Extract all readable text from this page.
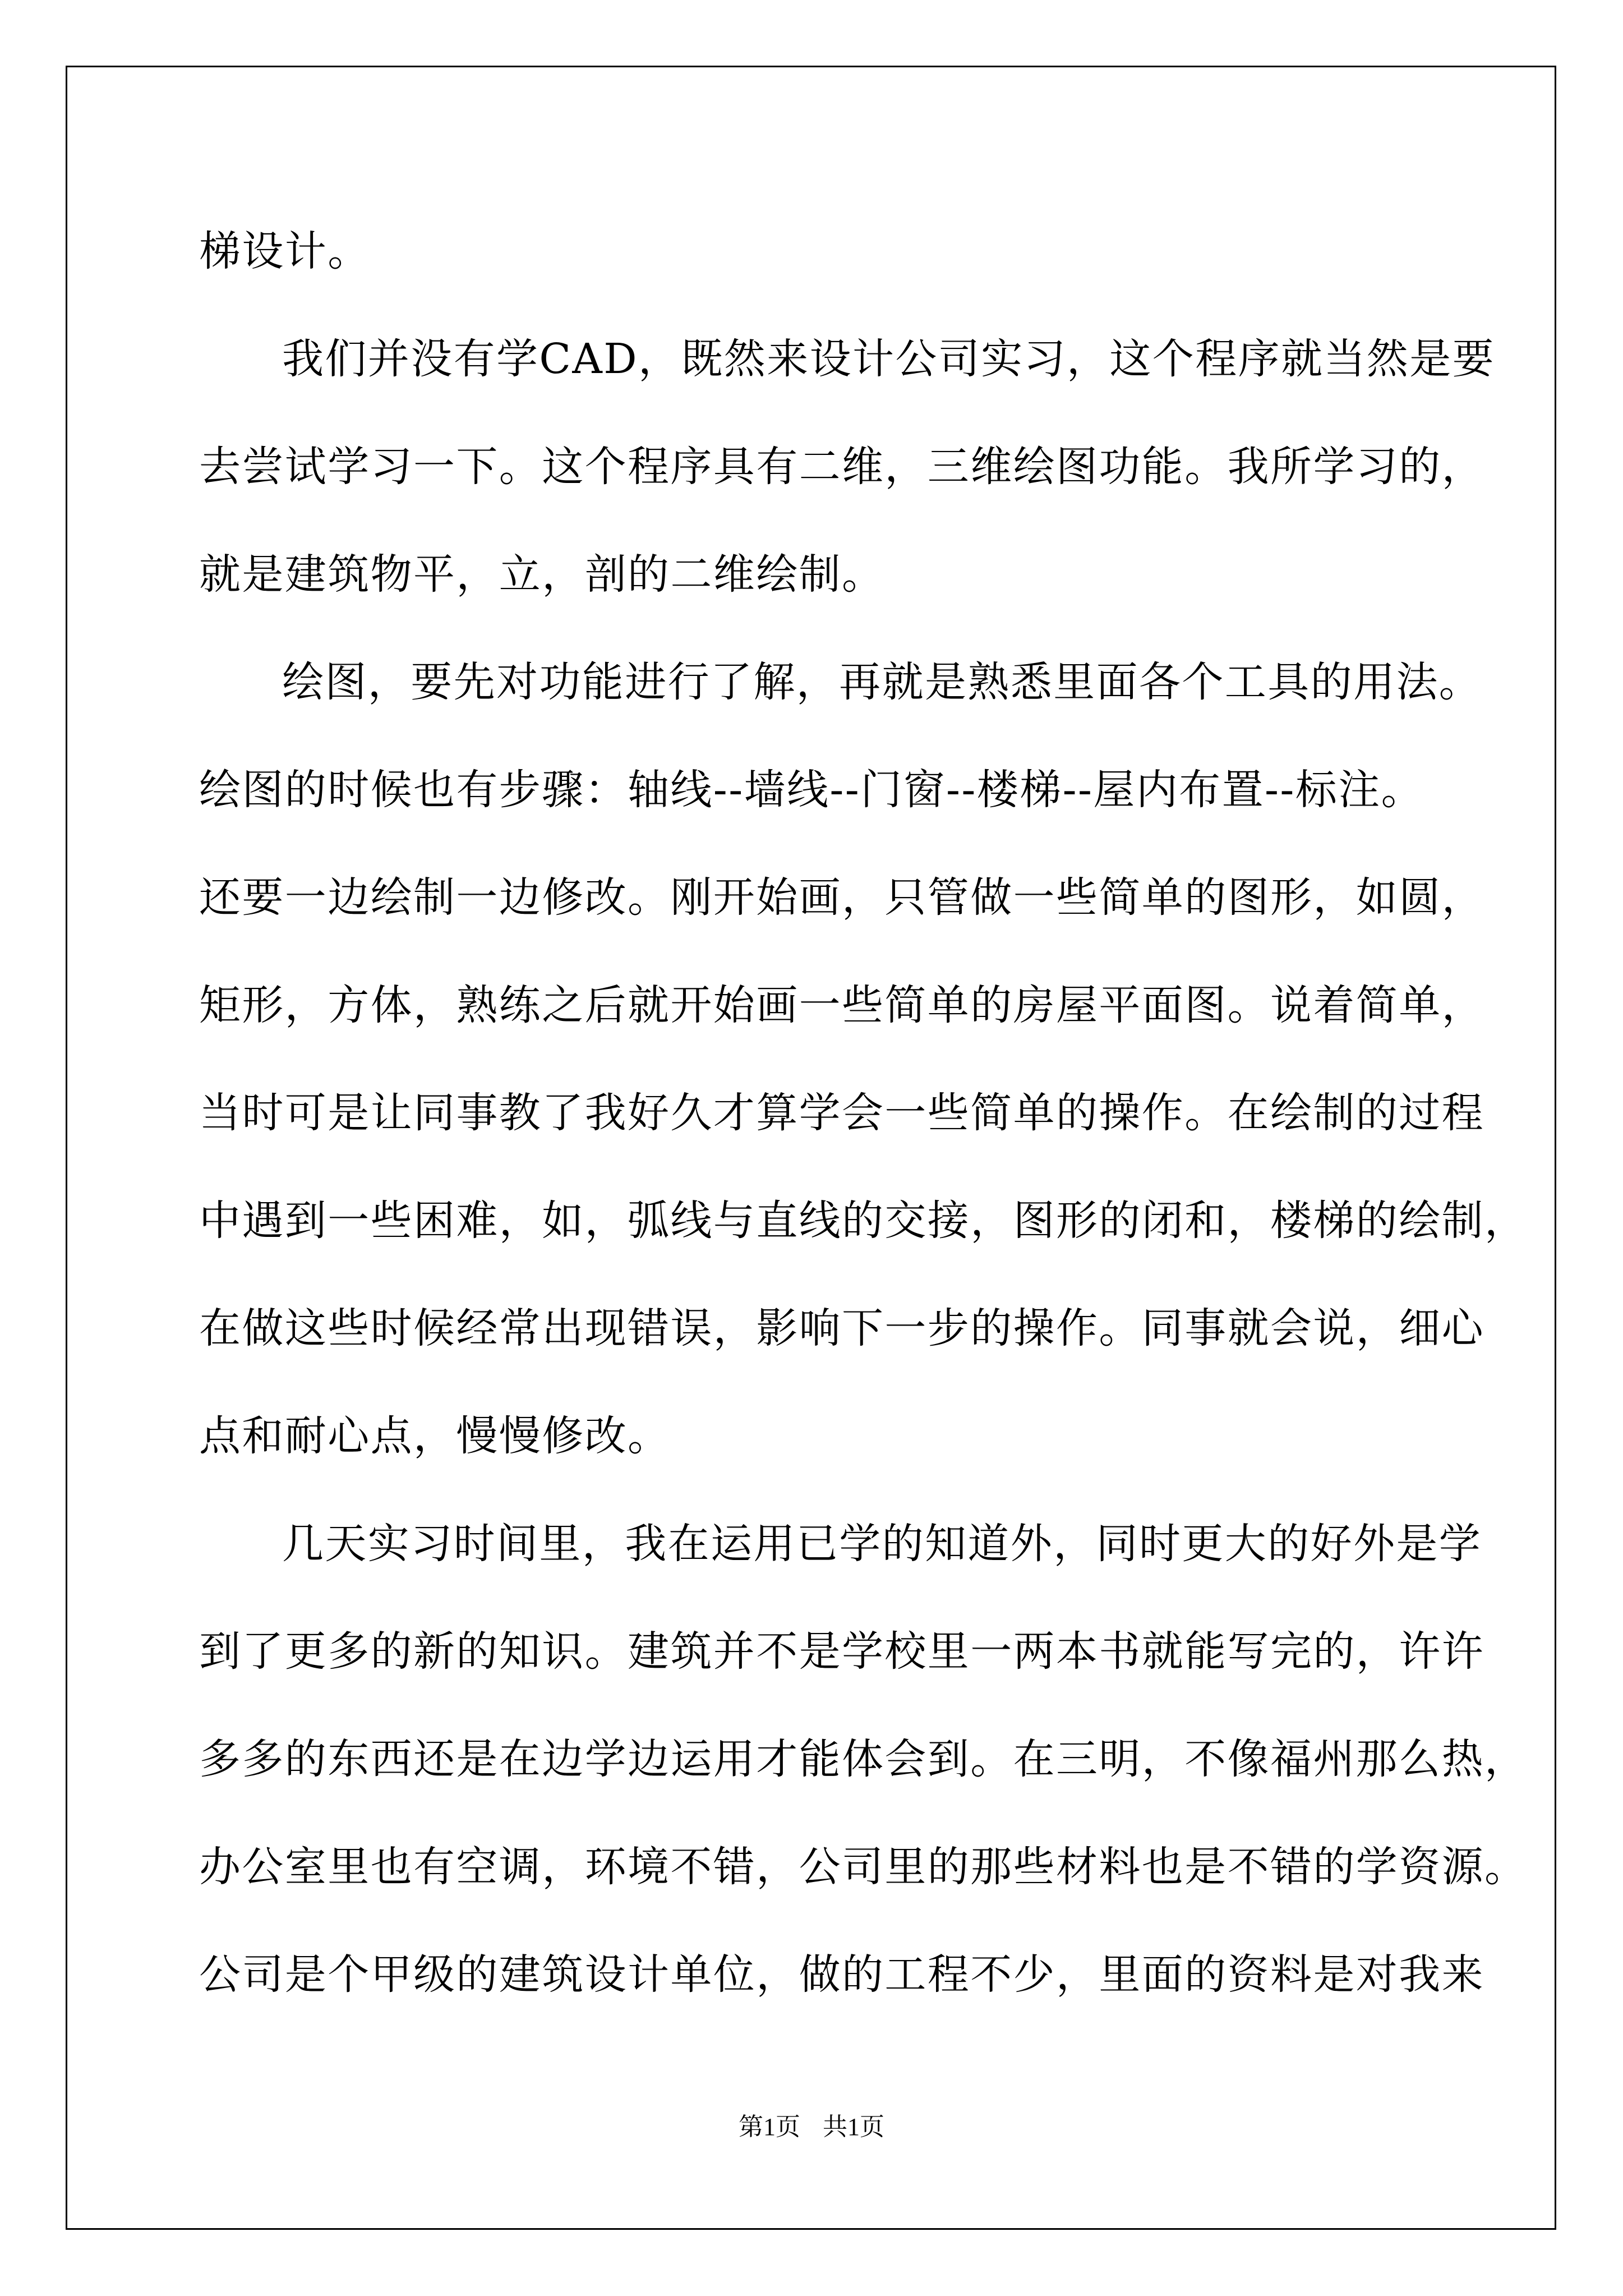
梯设计。
我们并没有学CAD，既然来设计公司实习，这个程序就当然是要
去尝试学习一下。这个程序具有二维，三维绘图功能。我所学习的，
就是建筑物平，立，剖的二维绘制。
绘图，要先对功能进行了解，再就是熟悉里面各个工具的用法。
绘图的时候也有步骤：轴线--墙线--门窗--楼梯--屋内布置--标注。
还要一边绘制一边修改。刚开始画，只管做一些简单的图形，如圆，
矩形，方体，熟练之后就开始画一些简单的房屋平面图。说着简单，
当时可是让同事教了我好久才算学会一些简单的操作。在绘制的过程
中遇到一些困难，如，弧线与直线的交接，图形的闭和，楼梯的绘制，
在做这些时候经常出现错误，影响下一步的操作。同事就会说，细心
点和耐心点，慢慢修改。
几天实习时间里，我在运用已学的知道外，同时更大的好外是学
到了更多的新的知识。建筑并不是学校里一两本书就能写完的，许许
多多的东西还是在边学边运用才能体会到。在三明，不像福州那么热，
办公室里也有空调，环境不错，公司里的那些材料也是不错的学资源。
公司是个甲级的建筑设计单位，做的工程不少，里面的资料是对我来
第1页 共1页
